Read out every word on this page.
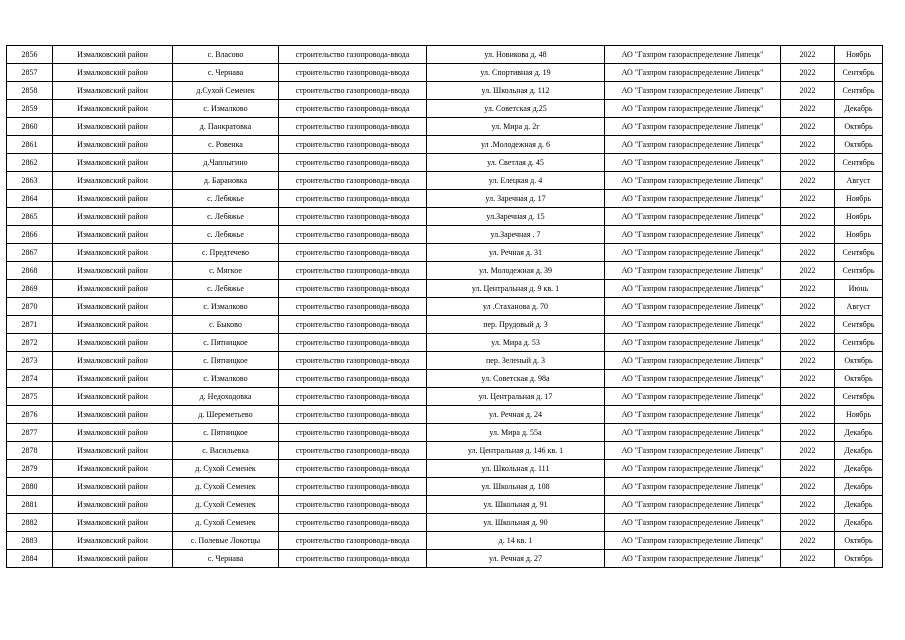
2856	Измалковский район	с. Власово	строительство газопровода-ввода	ул. Новикова д. 48	АО "Газпром газораспределение Липецк"	2022	Ноябрь
2857	Измалковский район	с. Чернава	строительство газопровода-ввода	ул. Спортивная д. 19	АО "Газпром газораспределение Липецк"	2022	Сентябрь
2858	Измалковский район	д.Сухой Семенек	строительство газопровода-ввода	ул. Школьная д. 112	АО "Газпром газораспределение Липецк"	2022	Сентябрь
2859	Измалковский район	с. Измалково	строительство газопровода-ввода	ул. Советская д.25	АО "Газпром газораспределение Липецк"	2022	Декабрь
2860	Измалковский район	д. Панкратовка	строительство газопровода-ввода	ул. Мира д. 2г	АО "Газпром газораспределение Липецк"	2022	Октябрь
2861	Измалковский район	с. Ровенка	строительство газопровода-ввода	ул .Молодежная д. 6	АО "Газпром газораспределение Липецк"	2022	Октябрь
2862	Измалковский район	д.Чаплыгино	строительство газопровода-ввода	ул. Светлая д. 45	АО "Газпром газораспределение Липецк"	2022	Сентябрь
2863	Измалковский район	д. Барановка	строительство газопровода-ввода	ул. Елецкая д. 4	АО "Газпром газораспределение Липецк"	2022	Август
2864	Измалковский район	с. Лебяжье	строительство газопровода-ввода	ул. Заречная д. 17	АО "Газпром газораспределение Липецк"	2022	Ноябрь
2865	Измалковский район	с. Лебяжье	строительство газопровода-ввода	ул.Заречная д. 15	АО "Газпром газораспределение Липецк"	2022	Ноябрь
2866	Измалковский район	с. Лебяжье	строительство газопровода-ввода	ул.Заречная . 7	АО "Газпром газораспределение Липецк"	2022	Ноябрь
2867	Измалковский район	с. Предтечево	строительство газопровода-ввода	ул. Речная д. 31	АО "Газпром газораспределение Липецк"	2022	Сентябрь
2868	Измалковский район	с. Мягкое	строительство газопровода-ввода	ул. Молодежная д. 39	АО "Газпром газораспределение Липецк"	2022	Сентябрь
2869	Измалковский район	с. Лебяжье	строительство газопровода-ввода	ул. Центральная д. 9 кв. 1	АО "Газпром газораспределение Липецк"	2022	Июнь
2870	Измалковский район	с. Измалково	строительство газопровода-ввода	ул .Стаханова д. 70	АО "Газпром газораспределение Липецк"	2022	Август
2871	Измалковский район	с. Быково	строительство газопровода-ввода	пер. Прудовый д. 3	АО "Газпром газораспределение Липецк"	2022	Сентябрь
2872	Измалковский район	с. Пятницкое	строительство газопровода-ввода	ул. Мира д. 53	АО "Газпром газораспределение Липецк"	2022	Сентябрь
2873	Измалковский район	с. Пятницкое	строительство газопровода-ввода	пер. Зеленый д. 3	АО "Газпром газораспределение Липецк"	2022	Октябрь
2874	Измалковский район	с. Измалково	строительство газопровода-ввода	ул. Советская д. 98а	АО "Газпром газораспределение Липецк"	2022	Октябрь
2875	Измалковский район	д. Недоходовка	строительство газопровода-ввода	ул. Центральная д. 17	АО "Газпром газораспределение Липецк"	2022	Сентябрь
2876	Измалковский район	д. Шереметьево	строительство газопровода-ввода	ул. Речная д. 24	АО "Газпром газораспределение Липецк"	2022	Ноябрь
2877	Измалковский район	с. Пятницкое	строительство газопровода-ввода	ул. Мира д. 55а	АО "Газпром газораспределение Липецк"	2022	Декабрь
2878	Измалковский район	с. Васильевка	строительство газопровода-ввода	ул. Центральная д. 146 кв. 1	АО "Газпром газораспределение Липецк"	2022	Декабрь
2879	Измалковский район	д. Сухой Семенек	строительство газопровода-ввода	ул. Школьная д. 111	АО "Газпром газораспределение Липецк"	2022	Декабрь
2880	Измалковский район	д. Сухой Семенек	строительство газопровода-ввода	ул. Школьная д. 108	АО "Газпром газораспределение Липецк"	2022	Декабрь
2881	Измалковский район	д. Сухой Семенек	строительство газопровода-ввода	ул. Школьная д. 91	АО "Газпром газораспределение Липецк"	2022	Декабрь
2882	Измалковский район	д. Сухой Семенек	строительство газопровода-ввода	ул. Школьная д. 90	АО "Газпром газораспределение Липецк"	2022	Декабрь
2883	Измалковский район	с. Полевые Локотцы	строительство газопровода-ввода	д. 14 кв. 1	АО "Газпром газораспределение Липецк"	2022	Октябрь
2884	Измалковский район	с. Чернава	строительство газопровода-ввода	ул. Речная д. 27	АО "Газпром газораспределение Липецк"	2022	Октябрь
